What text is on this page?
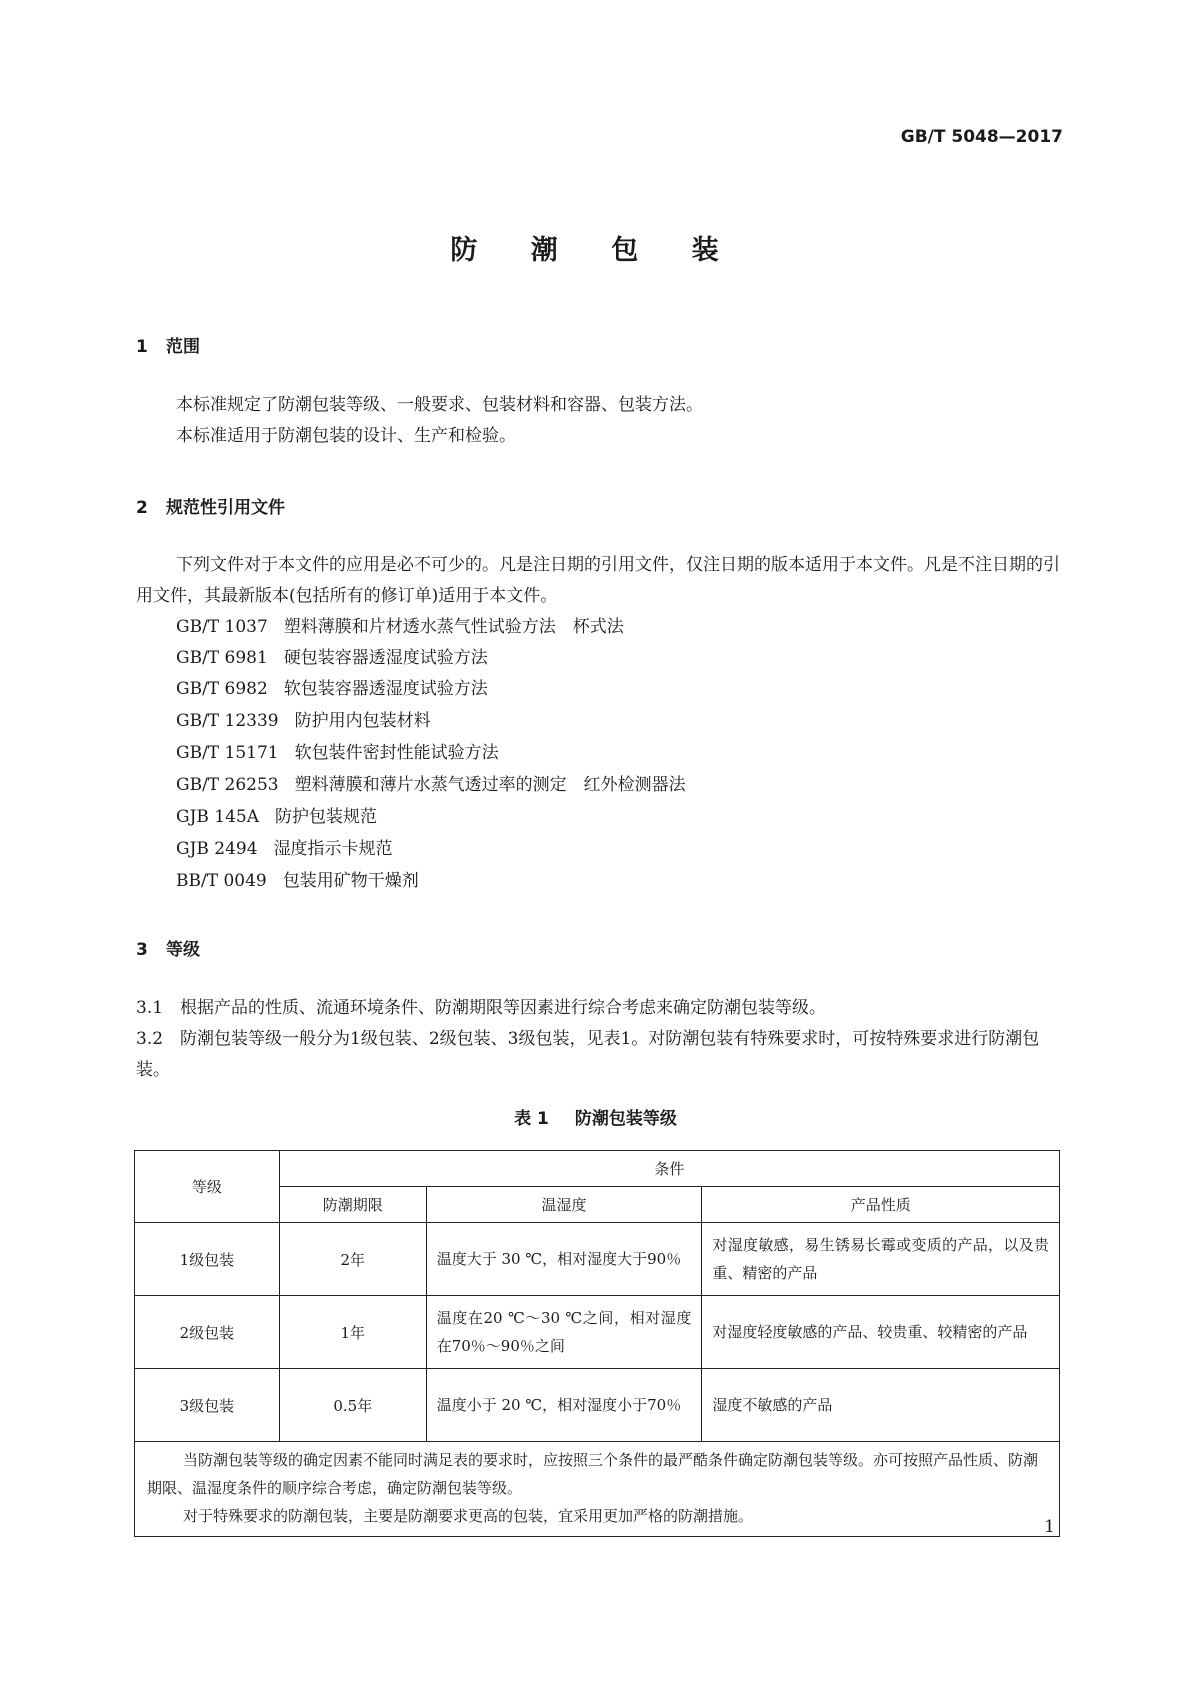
GB/T 5048—2017
防 潮 包 装
1 范围
本标准规定了防潮包装等级、一般要求、包装材料和容器、包装方法。
本标准适用于防潮包装的设计、生产和检验。
2 规范性引用文件
下列文件对于本文件的应用是必不可少的。凡是注日期的引用文件，仅注日期的版本适用于本文件。凡是不注日期的引用文件，其最新版本(包括所有的修订单)适用于本文件。
GB/T 1037 塑料薄膜和片材透水蒸气性试验方法　杯式法
GB/T 6981 硬包装容器透湿度试验方法
GB/T 6982 软包装容器透湿度试验方法
GB/T 12339 防护用内包装材料
GB/T 15171 软包装件密封性能试验方法
GB/T 26253 塑料薄膜和薄片水蒸气透过率的测定　红外检测器法
GJB 145A 防护包装规范
GJB 2494 湿度指示卡规范
BB/T 0049 包装用矿物干燥剂
3 等级
3.1 根据产品的性质、流通环境条件、防潮期限等因素进行综合考虑来确定防潮包装等级。
3.2 防潮包装等级一般分为1级包装、2级包装、3级包装，见表1。对防潮包装有特殊要求时，可按特殊要求进行防潮包装。
表 1 防潮包装等级
等级	条件		
	防潮期限	温湿度	产品性质
1级包装	2年	温度大于 30 ℃，相对湿度大于90％	对湿度敏感，易生锈易长霉或变质的产品，以及贵重、精密的产品
2级包装	1年	温度在20 ℃～30 ℃之间，相对湿度在70％～90％之间	对湿度轻度敏感的产品、较贵重、较精密的产品
3级包装	0.5年	温度小于 20 ℃，相对湿度小于70％	湿度不敏感的产品

当防潮包装等级的确定因素不能同时满足表的要求时，应按照三个条件的最严酷条件确定防潮包装等级。亦可按照产品性质、防潮期限、温湿度条件的顺序综合考虑，确定防潮包装等级。

对于特殊要求的防潮包装，主要是防潮要求更高的包装，宜采用更加严格的防潮措施。			

1
